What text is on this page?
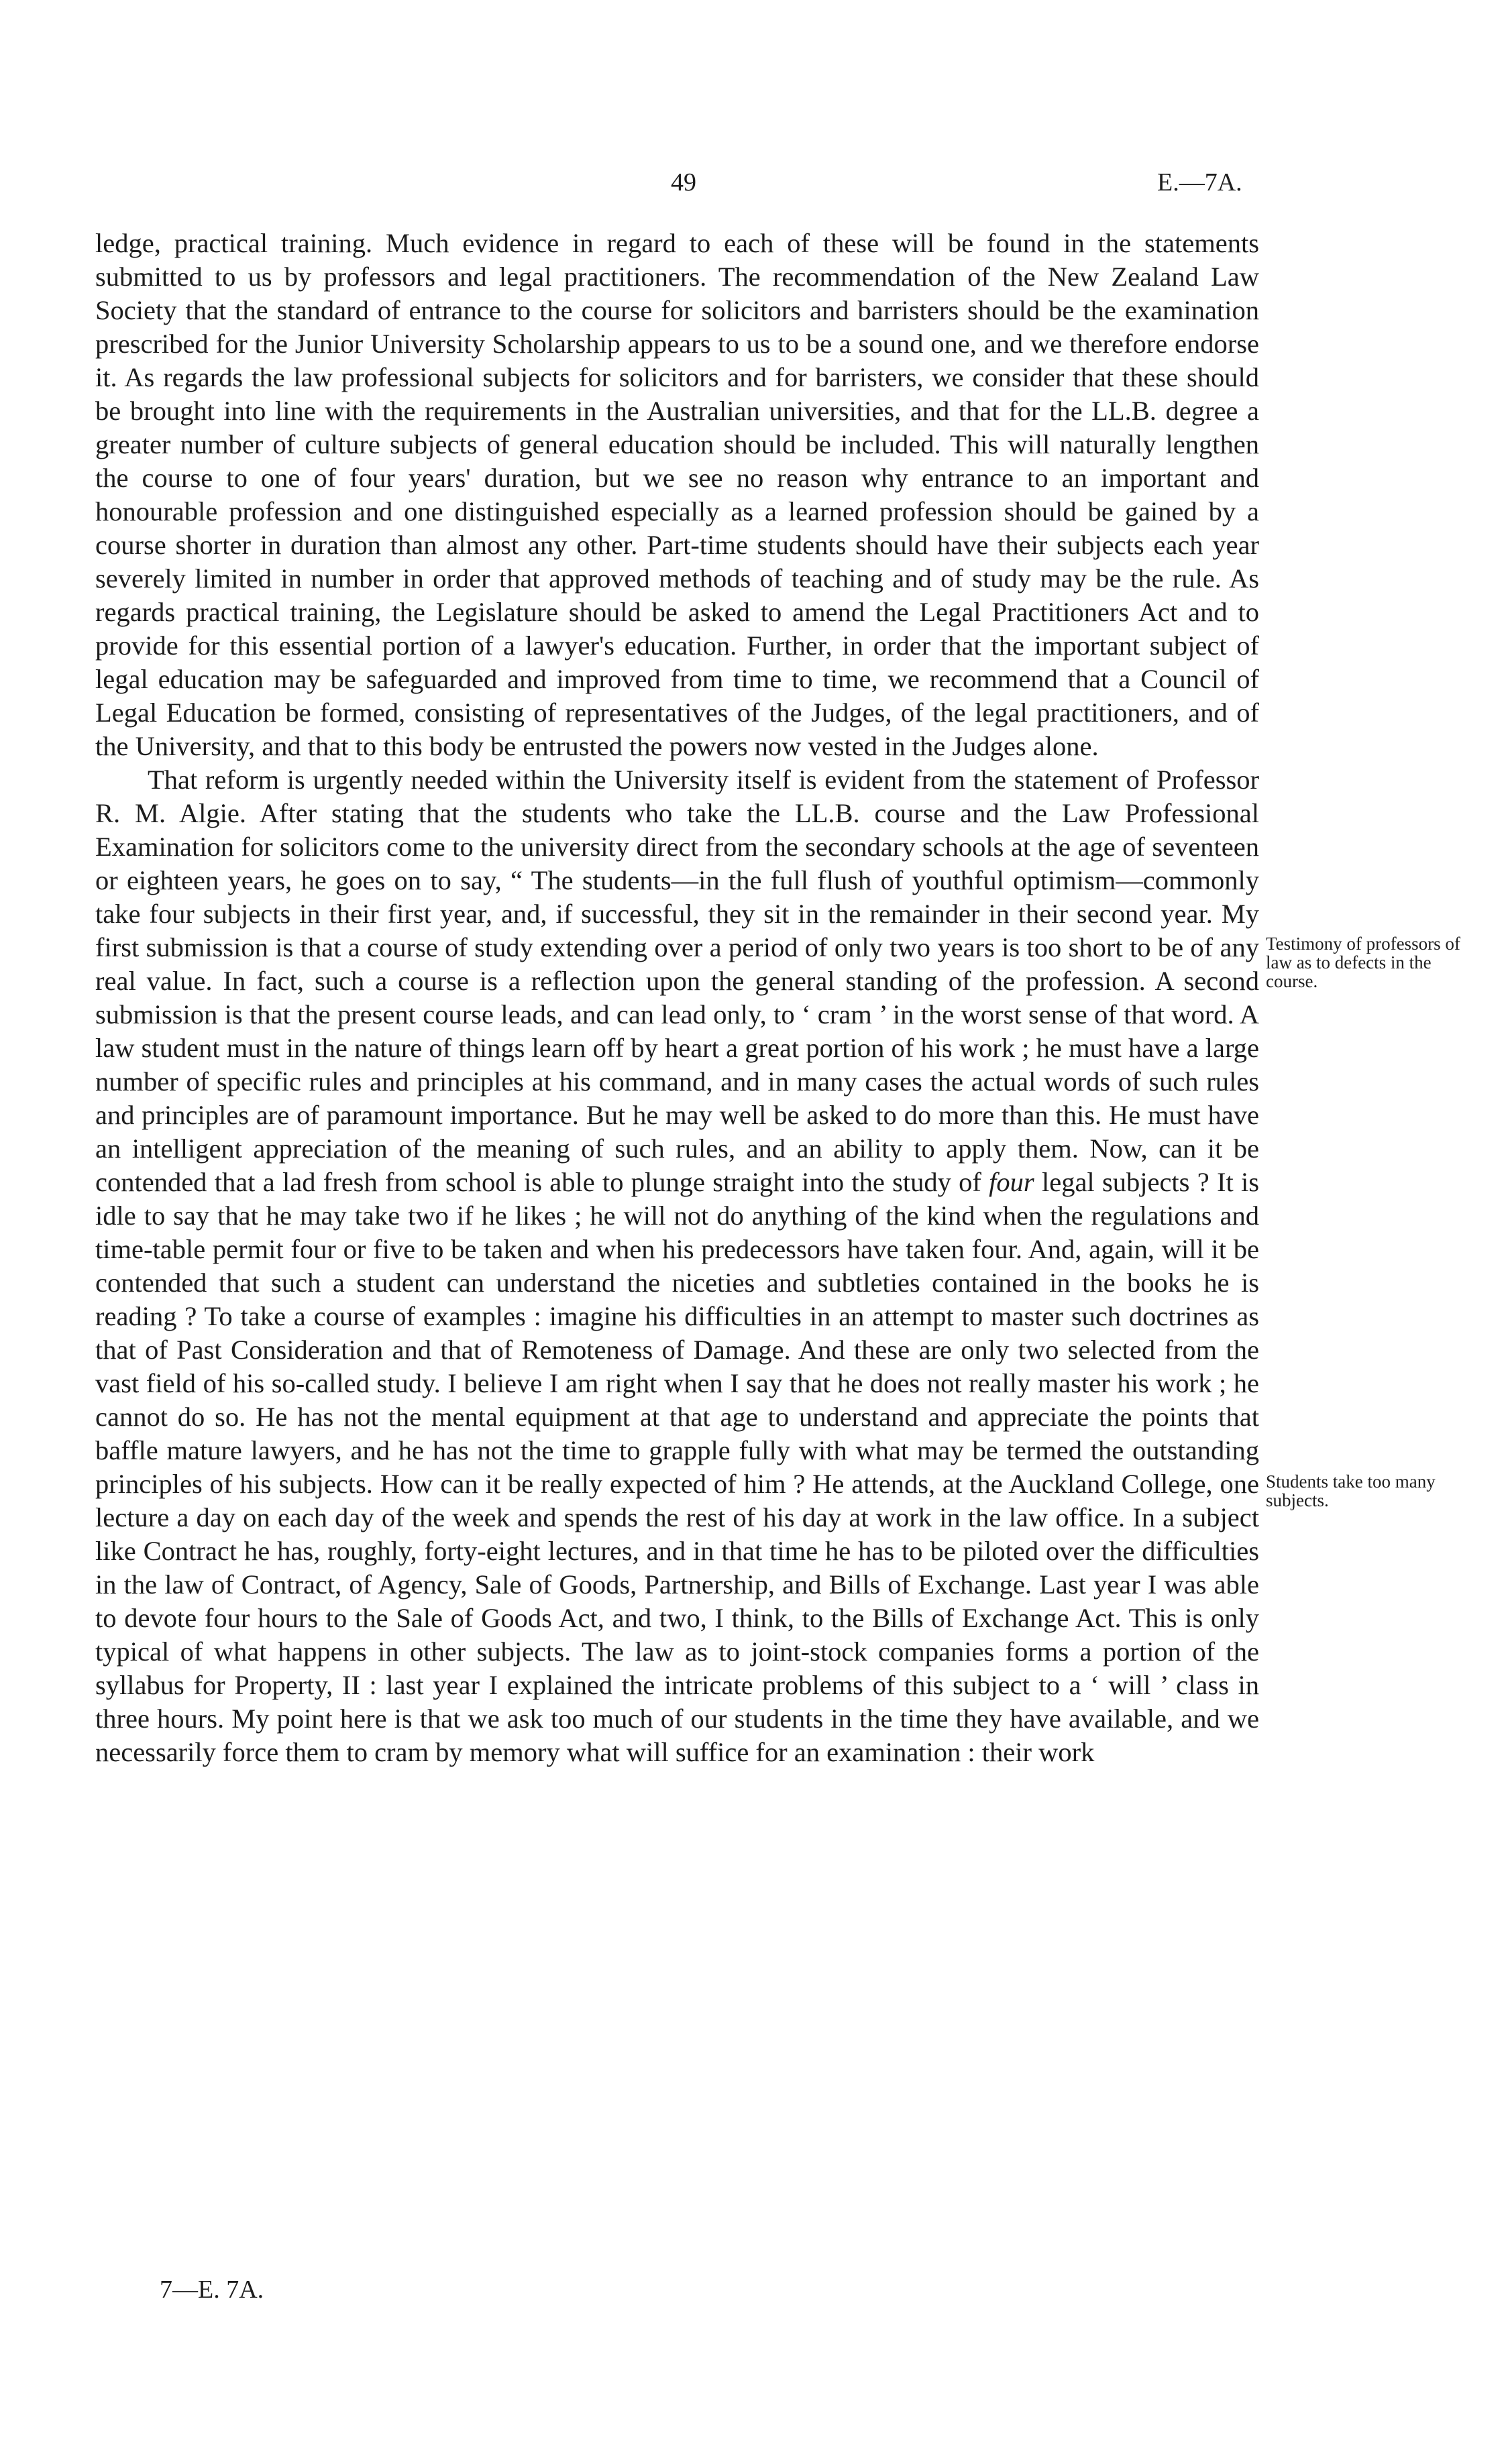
49	E.—7A.

ledge, practical training. Much evidence in regard to each of these will be found in the statements submitted to us by professors and legal practitioners. The recommendation of the New Zealand Law Society that the standard of entrance to the course for solicitors and barristers should be the examination prescribed for the Junior University Scholarship appears to us to be a sound one, and we therefore endorse it. As regards the law professional subjects for solicitors and for barristers, we consider that these should be brought into line with the requirements in the Australian universities, and that for the LL.B. degree a greater number of culture subjects of general education should be included. This will naturally lengthen the course to one of four years' duration, but we see no reason why entrance to an important and honourable profession and one distinguished especially as a learned profession should be gained by a course shorter in duration than almost any other. Part-time students should have their subjects each year severely limited in number in order that approved methods of teaching and of study may be the rule. As regards practical training, the Legislature should be asked to amend the Legal Practitioners Act and to provide for this essential portion of a lawyer's education. Further, in order that the important subject of legal education may be safeguarded and improved from time to time, we recommend that a Council of Legal Education be formed, consisting of representatives of the Judges, of the legal practitioners, and of the University, and that to this body be entrusted the powers now vested in the Judges alone.

That reform is urgently needed within the University itself is evident from the statement of Professor R. M. Algie. After stating that the students who take the LL.B. course and the Law Professional Examination for solicitors come to the university direct from the secondary schools at the age of seventeen or eighteen years, he goes on to say, “ The students—in the full flush of youthful optimism—commonly take four subjects in their first year, and, if successful, they sit in the remainder in their second year. My first submission is that a course of study extending over a period of only two years is too short to be of any real value. In fact, such a course is a reflection upon the general standing of the profession. A second submission is that the present course leads, and can lead only, to ‘ cram ’ in the worst sense of that word. A law student must in the nature of things learn off by heart a great portion of his work ; he must have a large number of specific rules and principles at his command, and in many cases the actual words of such rules and principles are of paramount importance. But he may well be asked to do more than this. He must have an intelligent appreciation of the meaning of such rules, and an ability to apply them. Now, can it be contended that a lad fresh from school is able to plunge straight into the study of four legal subjects ? It is idle to say that he may take two if he likes ; he will not do anything of the kind when the regulations and time-table permit four or five to be taken and when his predecessors have taken four. And, again, will it be contended that such a student can understand the niceties and subtleties contained in the books he is reading ? To take a course of examples : imagine his difficulties in an attempt to master such doctrines as that of Past Consideration and that of Remoteness of Damage. And these are only two selected from the vast field of his so-called study. I believe I am right when I say that he does not really master his work ; he cannot do so. He has not the mental equipment at that age to understand and appreciate the points that baffle mature lawyers, and he has not the time to grapple fully with what may be termed the outstanding principles of his subjects. How can it be really expected of him ? He attends, at the Auckland College, one lecture a day on each day of the week and spends the rest of his day at work in the law office. In a subject like Contract he has, roughly, forty-eight lectures, and in that time he has to be piloted over the difficulties in the law of Contract, of Agency, Sale of Goods, Partnership, and Bills of Exchange. Last year I was able to devote four hours to the Sale of Goods Act, and two, I think, to the Bills of Exchange Act. This is only typical of what happens in other subjects. The law as to joint-stock companies forms a portion of the syllabus for Property, II : last year I explained the intricate problems of this subject to a ‘ will ’ class in three hours. My point here is that we ask too much of our students in the time they have available, and we necessarily force them to cram by memory what will suffice for an examination : their work

Testimony of professors of law as to defects in the course.
Students take too many subjects.
7—E. 7A.
